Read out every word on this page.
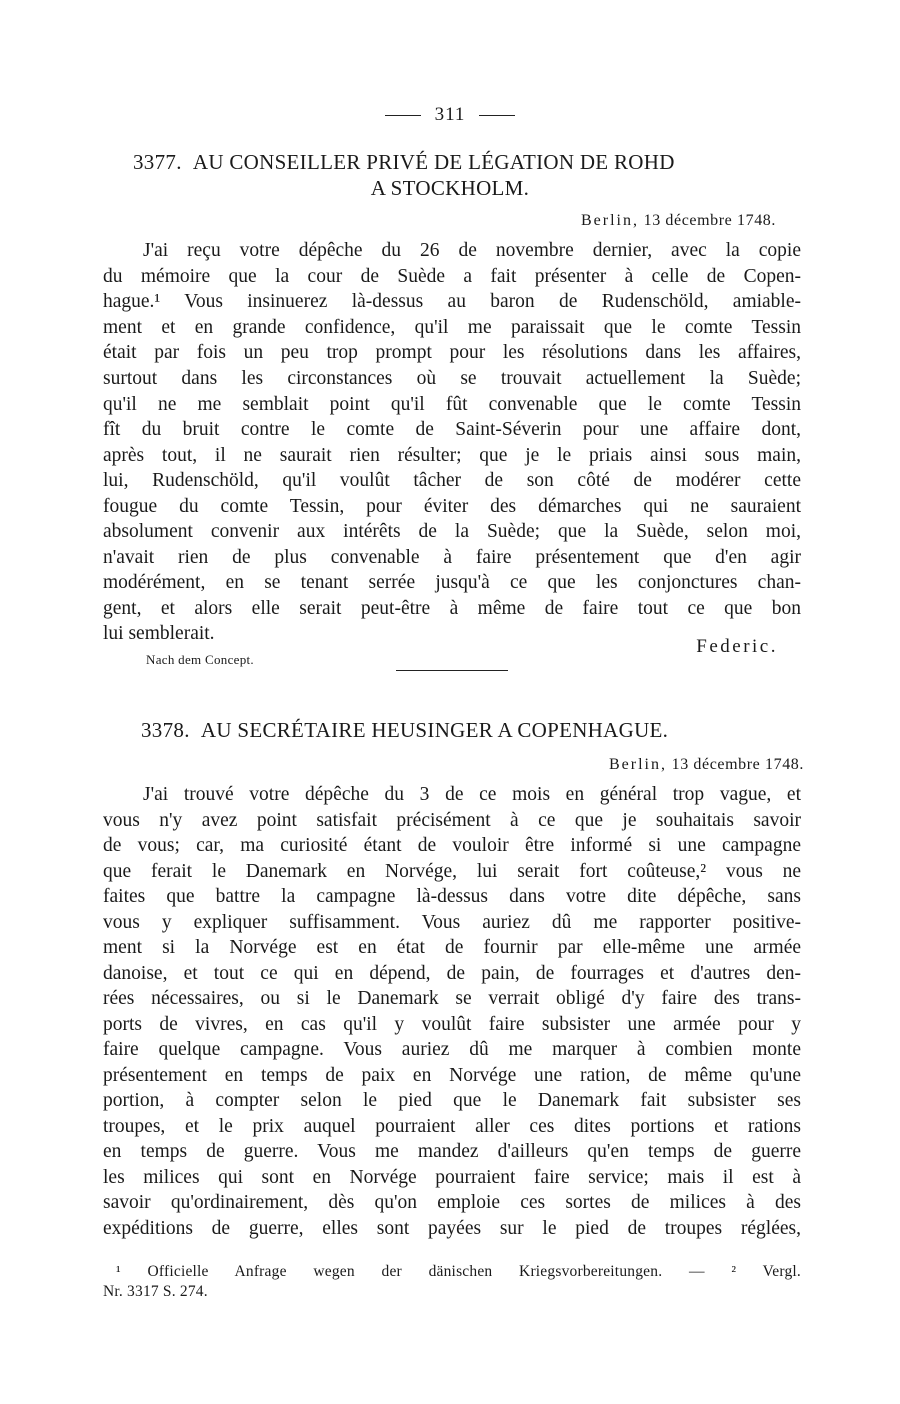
311
3377. AU CONSEILLER PRIVÉ DE LÉGATION DE ROHD
A STOCKHOLM.
Berlin, 13 décembre 1748.
J'ai reçu votre dépêche du 26 de novembre dernier, avec la copie
du mémoire que la cour de Suède a fait présenter à celle de Copen-
hague.¹ Vous insinuerez là-dessus au baron de Rudenschöld, amiable-
ment et en grande confidence, qu'il me paraissait que le comte Tessin
était par fois un peu trop prompt pour les résolutions dans les affaires,
surtout dans les circonstances où se trouvait actuellement la Suède;
qu'il ne me semblait point qu'il fût convenable que le comte Tessin
fît du bruit contre le comte de Saint-Séverin pour une affaire dont,
après tout, il ne saurait rien résulter; que je le priais ainsi sous main,
lui, Rudenschöld, qu'il voulût tâcher de son côté de modérer cette
fougue du comte Tessin, pour éviter des démarches qui ne sauraient
absolument convenir aux intérêts de la Suède; que la Suède, selon moi,
n'avait rien de plus convenable à faire présentement que d'en agir
modérément, en se tenant serrée jusqu'à ce que les conjonctures chan-
gent, et alors elle serait peut-être à même de faire tout ce que bon
lui semblerait.
Federic.
Nach dem Concept.
3378. AU SECRÉTAIRE HEUSINGER A COPENHAGUE.
Berlin, 13 décembre 1748.
J'ai trouvé votre dépêche du 3 de ce mois en général trop vague, et
vous n'y avez point satisfait précisément à ce que je souhaitais savoir
de vous; car, ma curiosité étant de vouloir être informé si une campagne
que ferait le Danemark en Norvége, lui serait fort coûteuse,² vous ne
faites que battre la campagne là-dessus dans votre dite dépêche, sans
vous y expliquer suffisamment. Vous auriez dû me rapporter positive-
ment si la Norvége est en état de fournir par elle-même une armée
danoise, et tout ce qui en dépend, de pain, de fourrages et d'autres den-
rées nécessaires, ou si le Danemark se verrait obligé d'y faire des trans-
ports de vivres, en cas qu'il y voulût faire subsister une armée pour y
faire quelque campagne. Vous auriez dû me marquer à combien monte
présentement en temps de paix en Norvége une ration, de même qu'une
portion, à compter selon le pied que le Danemark fait subsister ses
troupes, et le prix auquel pourraient aller ces dites portions et rations
en temps de guerre. Vous me mandez d'ailleurs qu'en temps de guerre
les milices qui sont en Norvége pourraient faire service; mais il est à
savoir qu'ordinairement, dès qu'on emploie ces sortes de milices à des
expéditions de guerre, elles sont payées sur le pied de troupes réglées,
¹ Officielle Anfrage wegen der dänischen Kriegsvorbereitungen. — ² Vergl.
Nr. 3317 S. 274.
